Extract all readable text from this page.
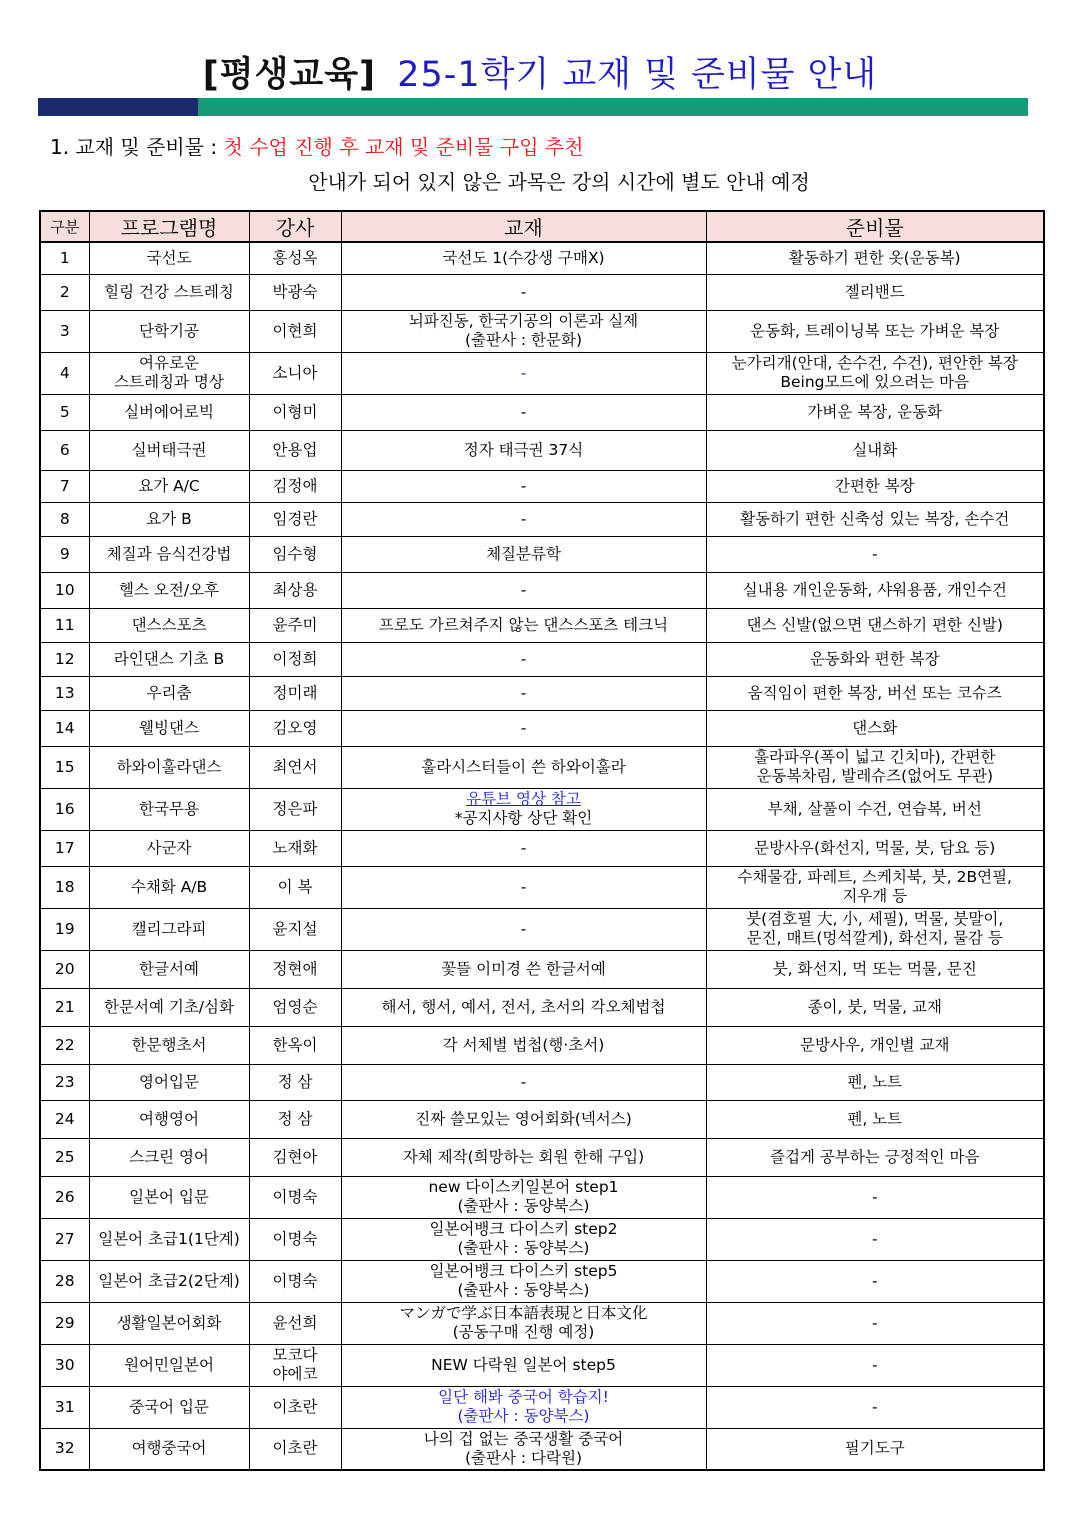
[평생교육] 25-1학기 교재 및 준비물 안내
1. 교재 및 준비물 : 첫 수업 진행 후 교재 및 준비물 구입 추천
안내가 되어 있지 않은 과목은 강의 시간에 별도 안내 예정
구분	프로그램명	강사	교재	준비물
1	국선도	홍성옥	국선도 1(수강생 구매X)	활동하기 편한 옷(운동복)

2	힐링 건강 스트레칭	박광숙	-	젤리밴드

3	단학기공	이현희	뇌파진동, 한국기공의 이론과 실제
(출판사 : 한문화)	운동화, 트레이닝복 또는 가벼운 복장

4	여유로운
스트레칭과 명상	소니아	-	눈가리개(안대, 손수건, 수건), 편안한 복장
Being모드에 있으려는 마음

5	실버에어로빅	이형미	-	가벼운 복장, 운동화

6	실버태극권	안용업	정자 태극권 37식	실내화

7	요가 A/C	김정애	-	간편한 복장

8	요가 B	임경란	-	활동하기 편한 신축성 있는 복장, 손수건

9	체질과 음식건강법	임수형	체질분류학	-

10	헬스 오전/오후	최상용	-	실내용 개인운동화, 샤워용품, 개인수건

11	댄스스포츠	윤주미	프로도 가르쳐주지 않는 댄스스포츠 테크닉	댄스 신발(없으면 댄스하기 편한 신발)

12	라인댄스 기초 B	이정희	-	운동화와 편한 복장

13	우리춤	정미래	-	움직임이 편한 복장, 버선 또는 코슈즈

14	웰빙댄스	김오영	-	댄스화

15	하와이훌라댄스	최연서	훌라시스터들이 쓴 하와이훌라	훌라파우(폭이 넓고 긴치마), 간편한
운동복차림, 발레슈즈(없어도 무관)

16	한국무용	정은파	유튜브 영상 참고
*공지사항 상단 확인	부채, 살풀이 수건, 연습복, 버선

17	사군자	노재화	-	문방사우(화선지, 먹물, 붓, 담요 등)

18	수채화 A/B	이 복	-	수채물감, 파레트, 스케치북, 붓, 2B연필,
지우개 등

19	캘리그라피	윤지설	-	붓(겸호필 大, 小, 세필), 먹물, 붓말이,
문진, 매트(멍석깔게), 화선지, 물감 등

20	한글서예	정현애	꽃뜰 이미경 쓴 한글서예	붓, 화선지, 먹 또는 먹물, 문진

21	한문서예 기초/심화	엄영순	해서, 행서, 예서, 전서, 초서의 각오체법첩	종이, 붓, 먹물, 교재

22	한문행초서	한옥이	각 서체별 법첩(행·초서)	문방사우, 개인별 교재

23	영어입문	정 삼	-	펜, 노트

24	여행영어	정 삼	진짜 쓸모있는 영어회화(넥서스)	펜, 노트

25	스크린 영어	김현아	자체 제작(희망하는 회원 한해 구입)	즐겁게 공부하는 긍정적인 마음

26	일본어 입문	이명숙	new 다이스키일본어 step1
(출판사 : 동양북스)	-

27	일본어 초급1(1단계)	이명숙	일본어뱅크 다이스키 step2
(출판사 : 동양북스)	-

28	일본어 초급2(2단계)	이명숙	일본어뱅크 다이스키 step5
(출판사 : 동양북스)	-

29	생활일본어회화	윤선희	マンガで学ぶ日本語表現と日本文化
(공동구매 진행 예정)	-

30	원어민일본어	모코다
야에코	NEW 다락원 일본어 step5	-

31	중국어 입문	이초란	일단 해봐 중국어 학습지!
(출판사 : 동양북스)	-

32	여행중국어	이초란	나의 겁 없는 중국생활 중국어
(출판사 : 다락원)	필기도구
